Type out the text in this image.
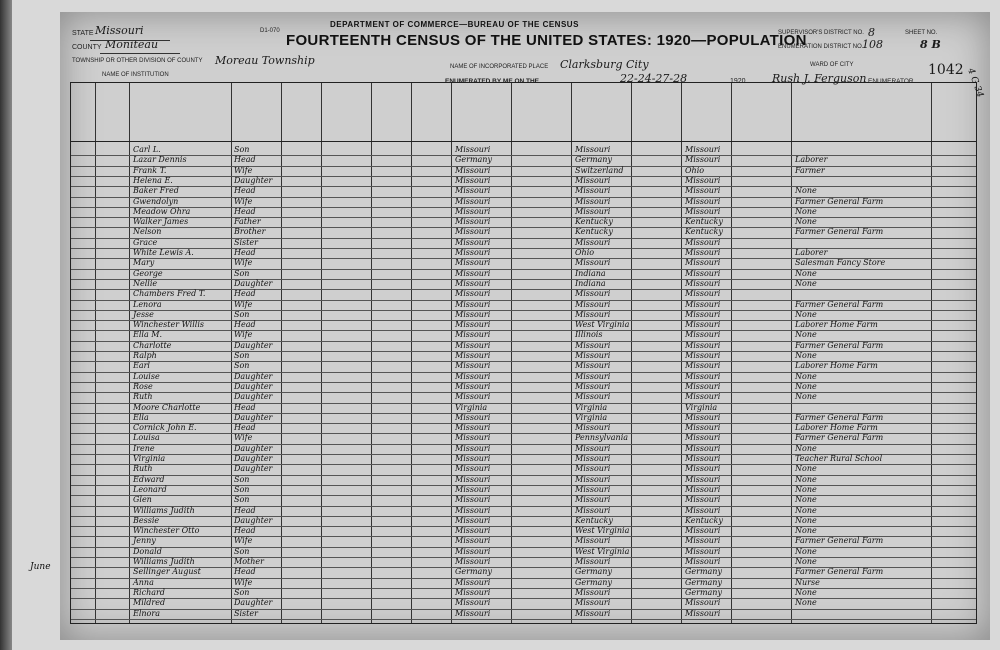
STATE Missouri
COUNTY Moniteau
TOWNSHIP OR OTHER DIVISION OF COUNTY Moreau Township
NAME OF INSTITUTION
D1-070
DEPARTMENT OF COMMERCE—BUREAU OF THE CENSUS
FOURTEENTH CENSUS OF THE UNITED STATES: 1920—POPULATION
NAME OF INCORPORATED PLACE Clarksburg City
ENUMERATED BY ME ON THE	22-24-27-28	1920. Rush J. Ferguson ENUMERATOR.
SUPERVISOR'S DISTRICT NO. 8
ENUMERATION DISTRICT NO.
108
SHEET NO.
8 B
WARD OF CITY	1042
Carl L.	Son	Missouri	Missouri	Missouri
Lazar Dennis	Head	Germany	Germany	Missouri	Laborer
Frank T.	Wife	Missouri	Switzerland	Ohio	Farmer
Helena E.	Daughter	Missouri	Missouri	Missouri
Baker Fred	Head	Missouri	Missouri	Missouri	None
Gwendolyn	Wife	Missouri	Missouri	Missouri	Farmer General Farm
Meadow Ohra	Head	Missouri	Missouri	Missouri	None
Walker James	Father	Missouri	Kentucky	Kentucky	None
Nelson	Brother	Missouri	Kentucky	Kentucky	Farmer General Farm
Grace	Sister	Missouri	Missouri	Missouri
White Lewis A.	Head	Missouri	Ohio	Missouri	Laborer
Mary	Wife	Missouri	Missouri	Missouri	Salesman Fancy Store
George	Son	Missouri	Indiana	Missouri	None
Nellie	Daughter	Missouri	Indiana	Missouri	None
Chambers Fred T.	Head	Missouri	Missouri	Missouri
Lenora	Wife	Missouri	Missouri	Missouri	Farmer General Farm
Jesse	Son	Missouri	Missouri	Missouri	None
Winchester Willis	Head	Missouri	West Virginia	Missouri	Laborer Home Farm
Ella M.	Wife	Missouri	Illinois	Missouri	None
Charlotte	Daughter	Missouri	Missouri	Missouri	Farmer General Farm
Ralph	Son	Missouri	Missouri	Missouri	None
Earl	Son	Missouri	Missouri	Missouri	Laborer Home Farm
Louise	Daughter	Missouri	Missouri	Missouri	None
Rose	Daughter	Missouri	Missouri	Missouri	None
Ruth	Daughter	Missouri	Missouri	Missouri	None
Moore Charlotte	Head	Virginia	Virginia	Virginia
Ella	Daughter	Missouri	Virginia	Missouri	Farmer General Farm
Cornick John E.	Head	Missouri	Missouri	Missouri	Laborer Home Farm
Louisa	Wife	Missouri	Pennsylvania	Missouri	Farmer General Farm
Irene	Daughter	Missouri	Missouri	Missouri	None
Virginia	Daughter	Missouri	Missouri	Missouri	Teacher Rural School
Ruth	Daughter	Missouri	Missouri	Missouri	None
Edward	Son	Missouri	Missouri	Missouri	None
Leonard	Son	Missouri	Missouri	Missouri	None
Glen	Son	Missouri	Missouri	Missouri	None
Williams Judith	Head	Missouri	Missouri	Missouri	None
Bessie	Daughter	Missouri	Kentucky	Kentucky	None
Winchester Otto	Head	Missouri	West Virginia	Missouri	None
Jenny	Wife	Missouri	Missouri	Missouri	Farmer General Farm
Donald	Son	Missouri	West Virginia	Missouri	None
Williams Judith	Mother	Missouri	Missouri	Missouri	None
Sellinger August	Head	Germany	Germany	Germany	Farmer General Farm
Anna	Wife	Missouri	Germany	Germany	Nurse
Richard	Son	Missouri	Missouri	Germany	None
Mildred	Daughter	Missouri	Missouri	Missouri	None
Elnora	Sister	Missouri	Missouri	Missouri
4 G 34
June
